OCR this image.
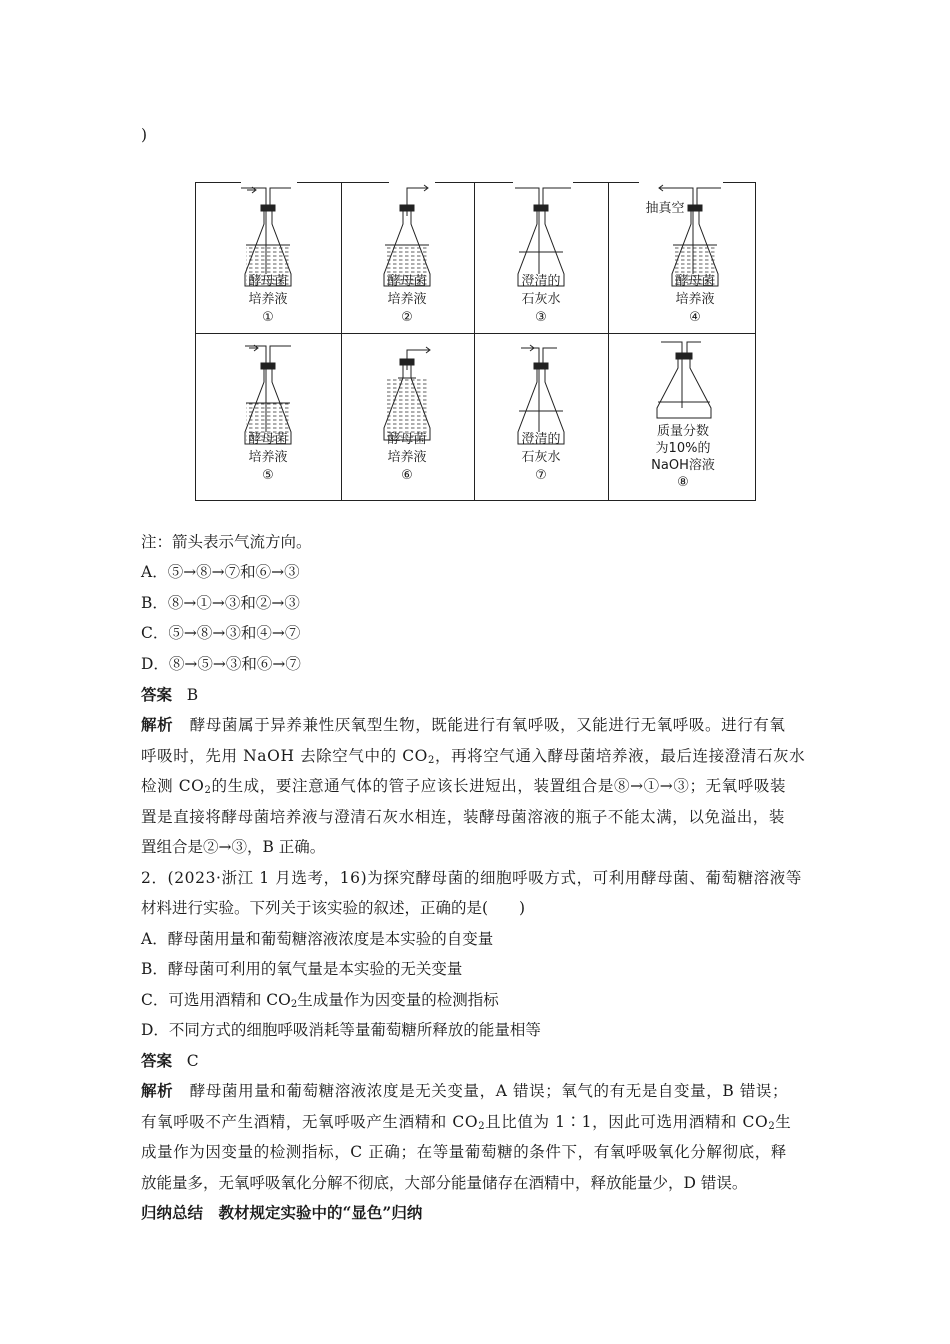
)
酵母菌
培养液
①
酵母菌
培养液
②
澄清的
石灰水
③
酵母菌
培养液
④
抽真空
酵母菌
培养液
⑤
酵母菌
培养液
⑥
澄清的
石灰水
⑦
质量分数
为10%的
NaOH溶液
⑧
注：箭头表示气流方向。
A．⑤→⑧→⑦和⑥→③
B．⑧→①→③和②→③
C．⑤→⑧→③和④→⑦
D．⑧→⑤→③和⑥→⑦
答案 B
解析 酵母菌属于异养兼性厌氧型生物，既能进行有氧呼吸，又能进行无氧呼吸。进行有氧
呼吸时，先用 NaOH 去除空气中的 $CO_2$，再将空气通入酵母菌培养液，最后连接澄清石灰水
检测 $CO_2$的生成，要注意通气体的管子应该长进短出，装置组合是⑧→①→③；无氧呼吸装
置是直接将酵母菌培养液与澄清石灰水相连，装酵母菌溶液的瓶子不能太满，以免溢出，装
置组合是②→③，B 正确。
2．(2023·浙江 1 月选考，16)为探究酵母菌的细胞呼吸方式，可利用酵母菌、葡萄糖溶液等
材料进行实验。下列关于该实验的叙述，正确的是(　　)
A．酵母菌用量和葡萄糖溶液浓度是本实验的自变量
B．酵母菌可利用的氧气量是本实验的无关变量
C．可选用酒精和 $CO_2$生成量作为因变量的检测指标
D．不同方式的细胞呼吸消耗等量葡萄糖所释放的能量相等
答案 C
解析 酵母菌用量和葡萄糖溶液浓度是无关变量，A 错误；氧气的有无是自变量，B 错误；
有氧呼吸不产生酒精，无氧呼吸产生酒精和 $CO_2$且比值为 1∶1，因此可选用酒精和 $CO_2$生
成量作为因变量的检测指标，C 正确；在等量葡萄糖的条件下，有氧呼吸氧化分解彻底，释
放能量多，无氧呼吸氧化分解不彻底，大部分能量储存在酒精中，释放能量少，D 错误。
归纳总结　教材规定实验中的“显色”归纳
